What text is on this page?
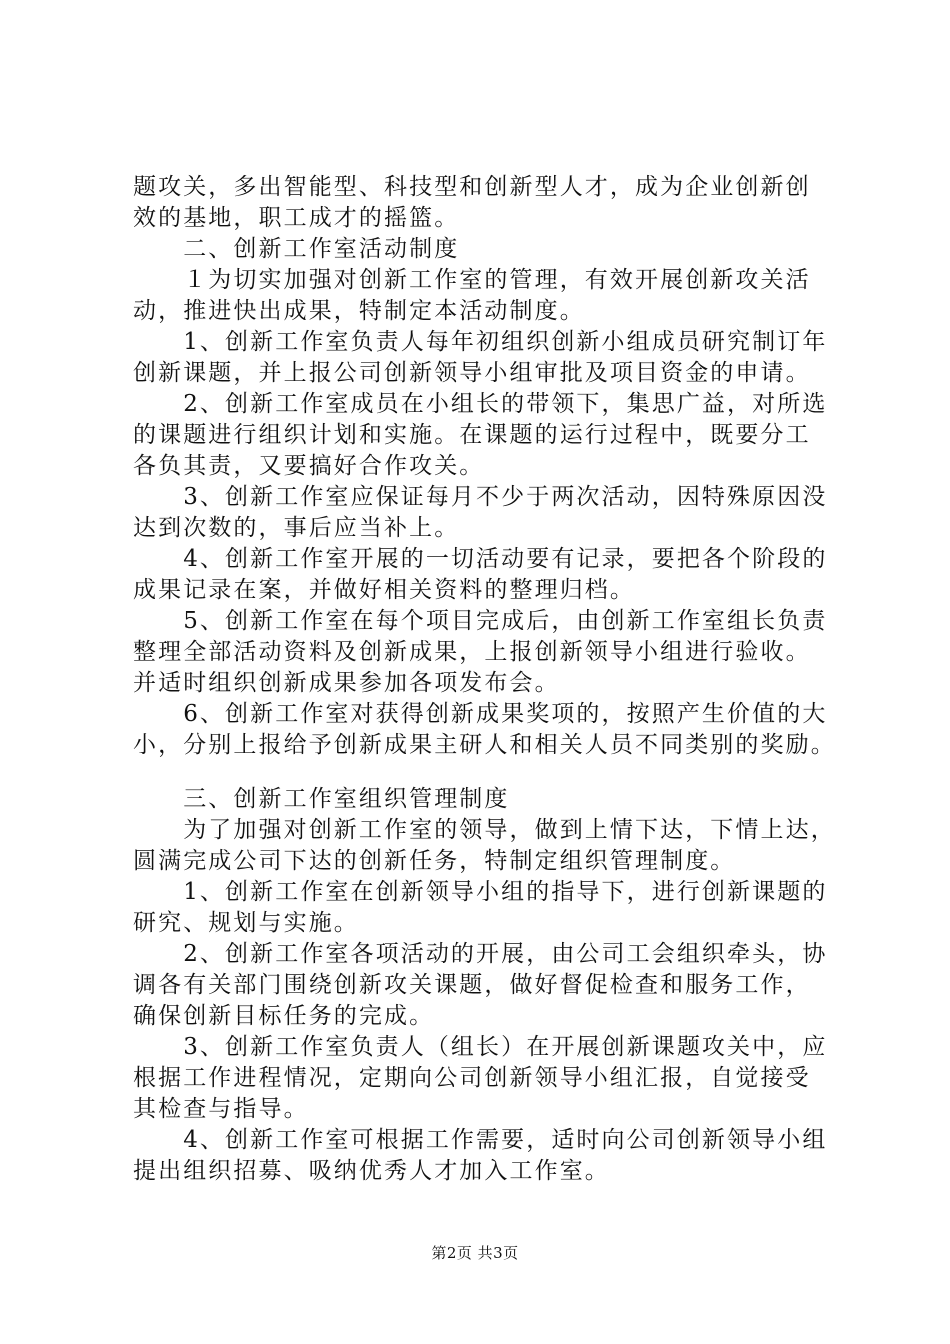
题攻关，多出智能型、科技型和创新型人才，成为企业创新创
效的基地，职工成才的摇篮。
　　二、创新工作室活动制度
　　１为切实加强对创新工作室的管理，有效开展创新攻关活
动，推进快出成果，特制定本活动制度。
　　1、创新工作室负责人每年初组织创新小组成员研究制订年
创新课题，并上报公司创新领导小组审批及项目资金的申请。
　　2、创新工作室成员在小组长的带领下，集思广益，对所选
的课题进行组织计划和实施。在课题的运行过程中，既要分工
各负其责，又要搞好合作攻关。
　　3、创新工作室应保证每月不少于两次活动，因特殊原因没
达到次数的，事后应当补上。
　　4、创新工作室开展的一切活动要有记录，要把各个阶段的
成果记录在案，并做好相关资料的整理归档。
　　5、创新工作室在每个项目完成后，由创新工作室组长负责
整理全部活动资料及创新成果，上报创新领导小组进行验收。
并适时组织创新成果参加各项发布会。
　　6、创新工作室对获得创新成果奖项的，按照产生价值的大
小，分别上报给予创新成果主研人和相关人员不同类别的奖励。
　　三、创新工作室组织管理制度
　　为了加强对创新工作室的领导，做到上情下达，下情上达，
圆满完成公司下达的创新任务，特制定组织管理制度。
　　1、创新工作室在创新领导小组的指导下，进行创新课题的
研究、规划与实施。
　　2、创新工作室各项活动的开展，由公司工会组织牵头，协
调各有关部门围绕创新攻关课题，做好督促检查和服务工作，
确保创新目标任务的完成。
　　3、创新工作室负责人（组长）在开展创新课题攻关中，应
根据工作进程情况，定期向公司创新领导小组汇报，自觉接受
其检查与指导。
　　4、创新工作室可根据工作需要，适时向公司创新领导小组
提出组织招募、吸纳优秀人才加入工作室。
第2页 共3页
